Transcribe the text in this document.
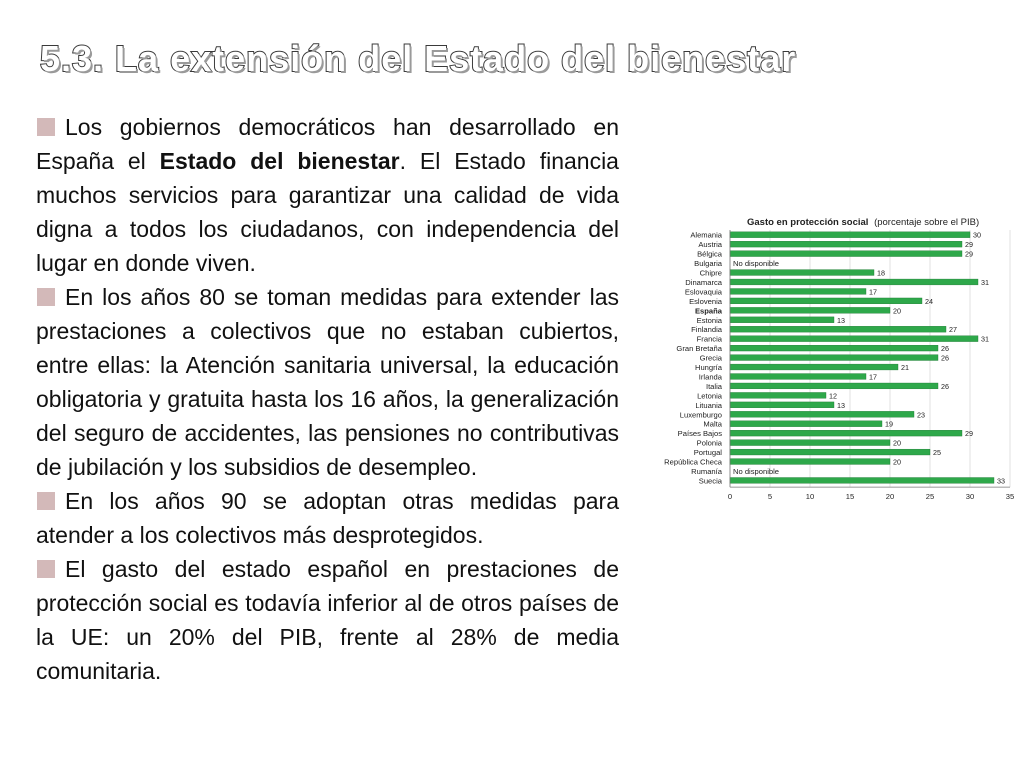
5.3. La extensión del Estado del bienestar

Los gobiernos democráticos han desarrollado en España el Estado del bienestar. El Estado financia muchos servicios para garantizar una calidad de vida digna a todos los ciudadanos, con independencia del lugar en donde viven.

En los años 80 se toman medidas para extender las prestaciones a colectivos que no estaban cubiertos, entre ellas: la Atención sanitaria universal, la educación obligatoria y gratuita hasta los 16 años, la generalización del seguro de accidentes, las pensiones no contributivas de jubilación y los subsidios de desempleo.

En los años 90 se adoptan otras medidas para atender a los colectivos más desprotegidos.

El gasto del estado español en prestaciones de protección social es todavía inferior al de otros países de la UE: un 20% del PIB, frente al 28% de media comunitaria.

Gasto en protección social (porcentaje sobre el PIB)
30
29
29
No disponible
18
31
17
24
20
13
27
31
26
26
21
17
26
12
13
23
19
29
20
25
20
No disponible
33
Alemania
Austria
Bélgica
Bulgaria
Chipre
Dinamarca
Eslovaquia
Eslovenia
España
Estonia
Finlandia
Francia
Gran Bretaña
Grecia
Hungría
Irlanda
Italia
Letonia
Lituania
Luxemburgo
Malta
Países Bajos
Polonia
Portugal
República Checa
Rumanía
Suecia
0	5	10	15	20	25	30	35
